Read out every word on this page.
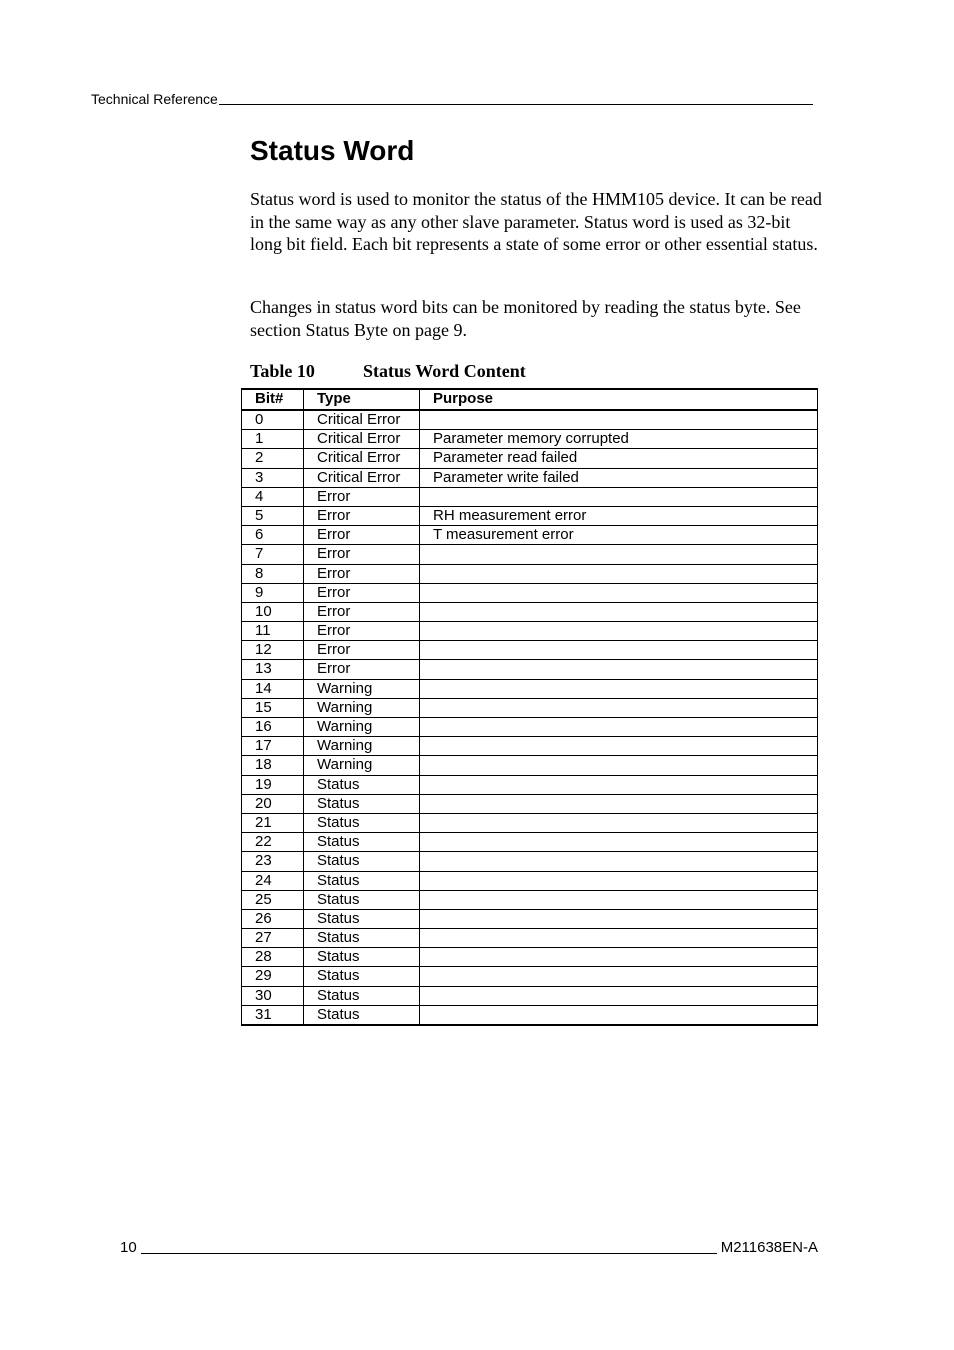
Technical Reference
Status Word

Status word is used to monitor the status of the HMM105 device. It can be read in the same way as any other slave parameter. Status word is used as 32-bit long bit field. Each bit represents a state of some error or other essential status.

Changes in status word bits can be monitored by reading the status byte. See section Status Byte on page 9.

Table 10	Status Word Content
Bit#	Type	Purpose
0	Critical Error	
1	Critical Error	Parameter memory corrupted
2	Critical Error	Parameter read failed
3	Critical Error	Parameter write failed
4	Error	
5	Error	RH measurement error
6	Error	T measurement error
7	Error	
8	Error	
9	Error	
10	Error	
11	Error	
12	Error	
13	Error	
14	Warning	
15	Warning	
16	Warning	
17	Warning	
18	Warning	
19	Status	
20	Status	
21	Status	
22	Status	
23	Status	
24	Status	
25	Status	
26	Status	
27	Status	
28	Status	
29	Status	
30	Status	
31	Status	
10	M211638EN-A
